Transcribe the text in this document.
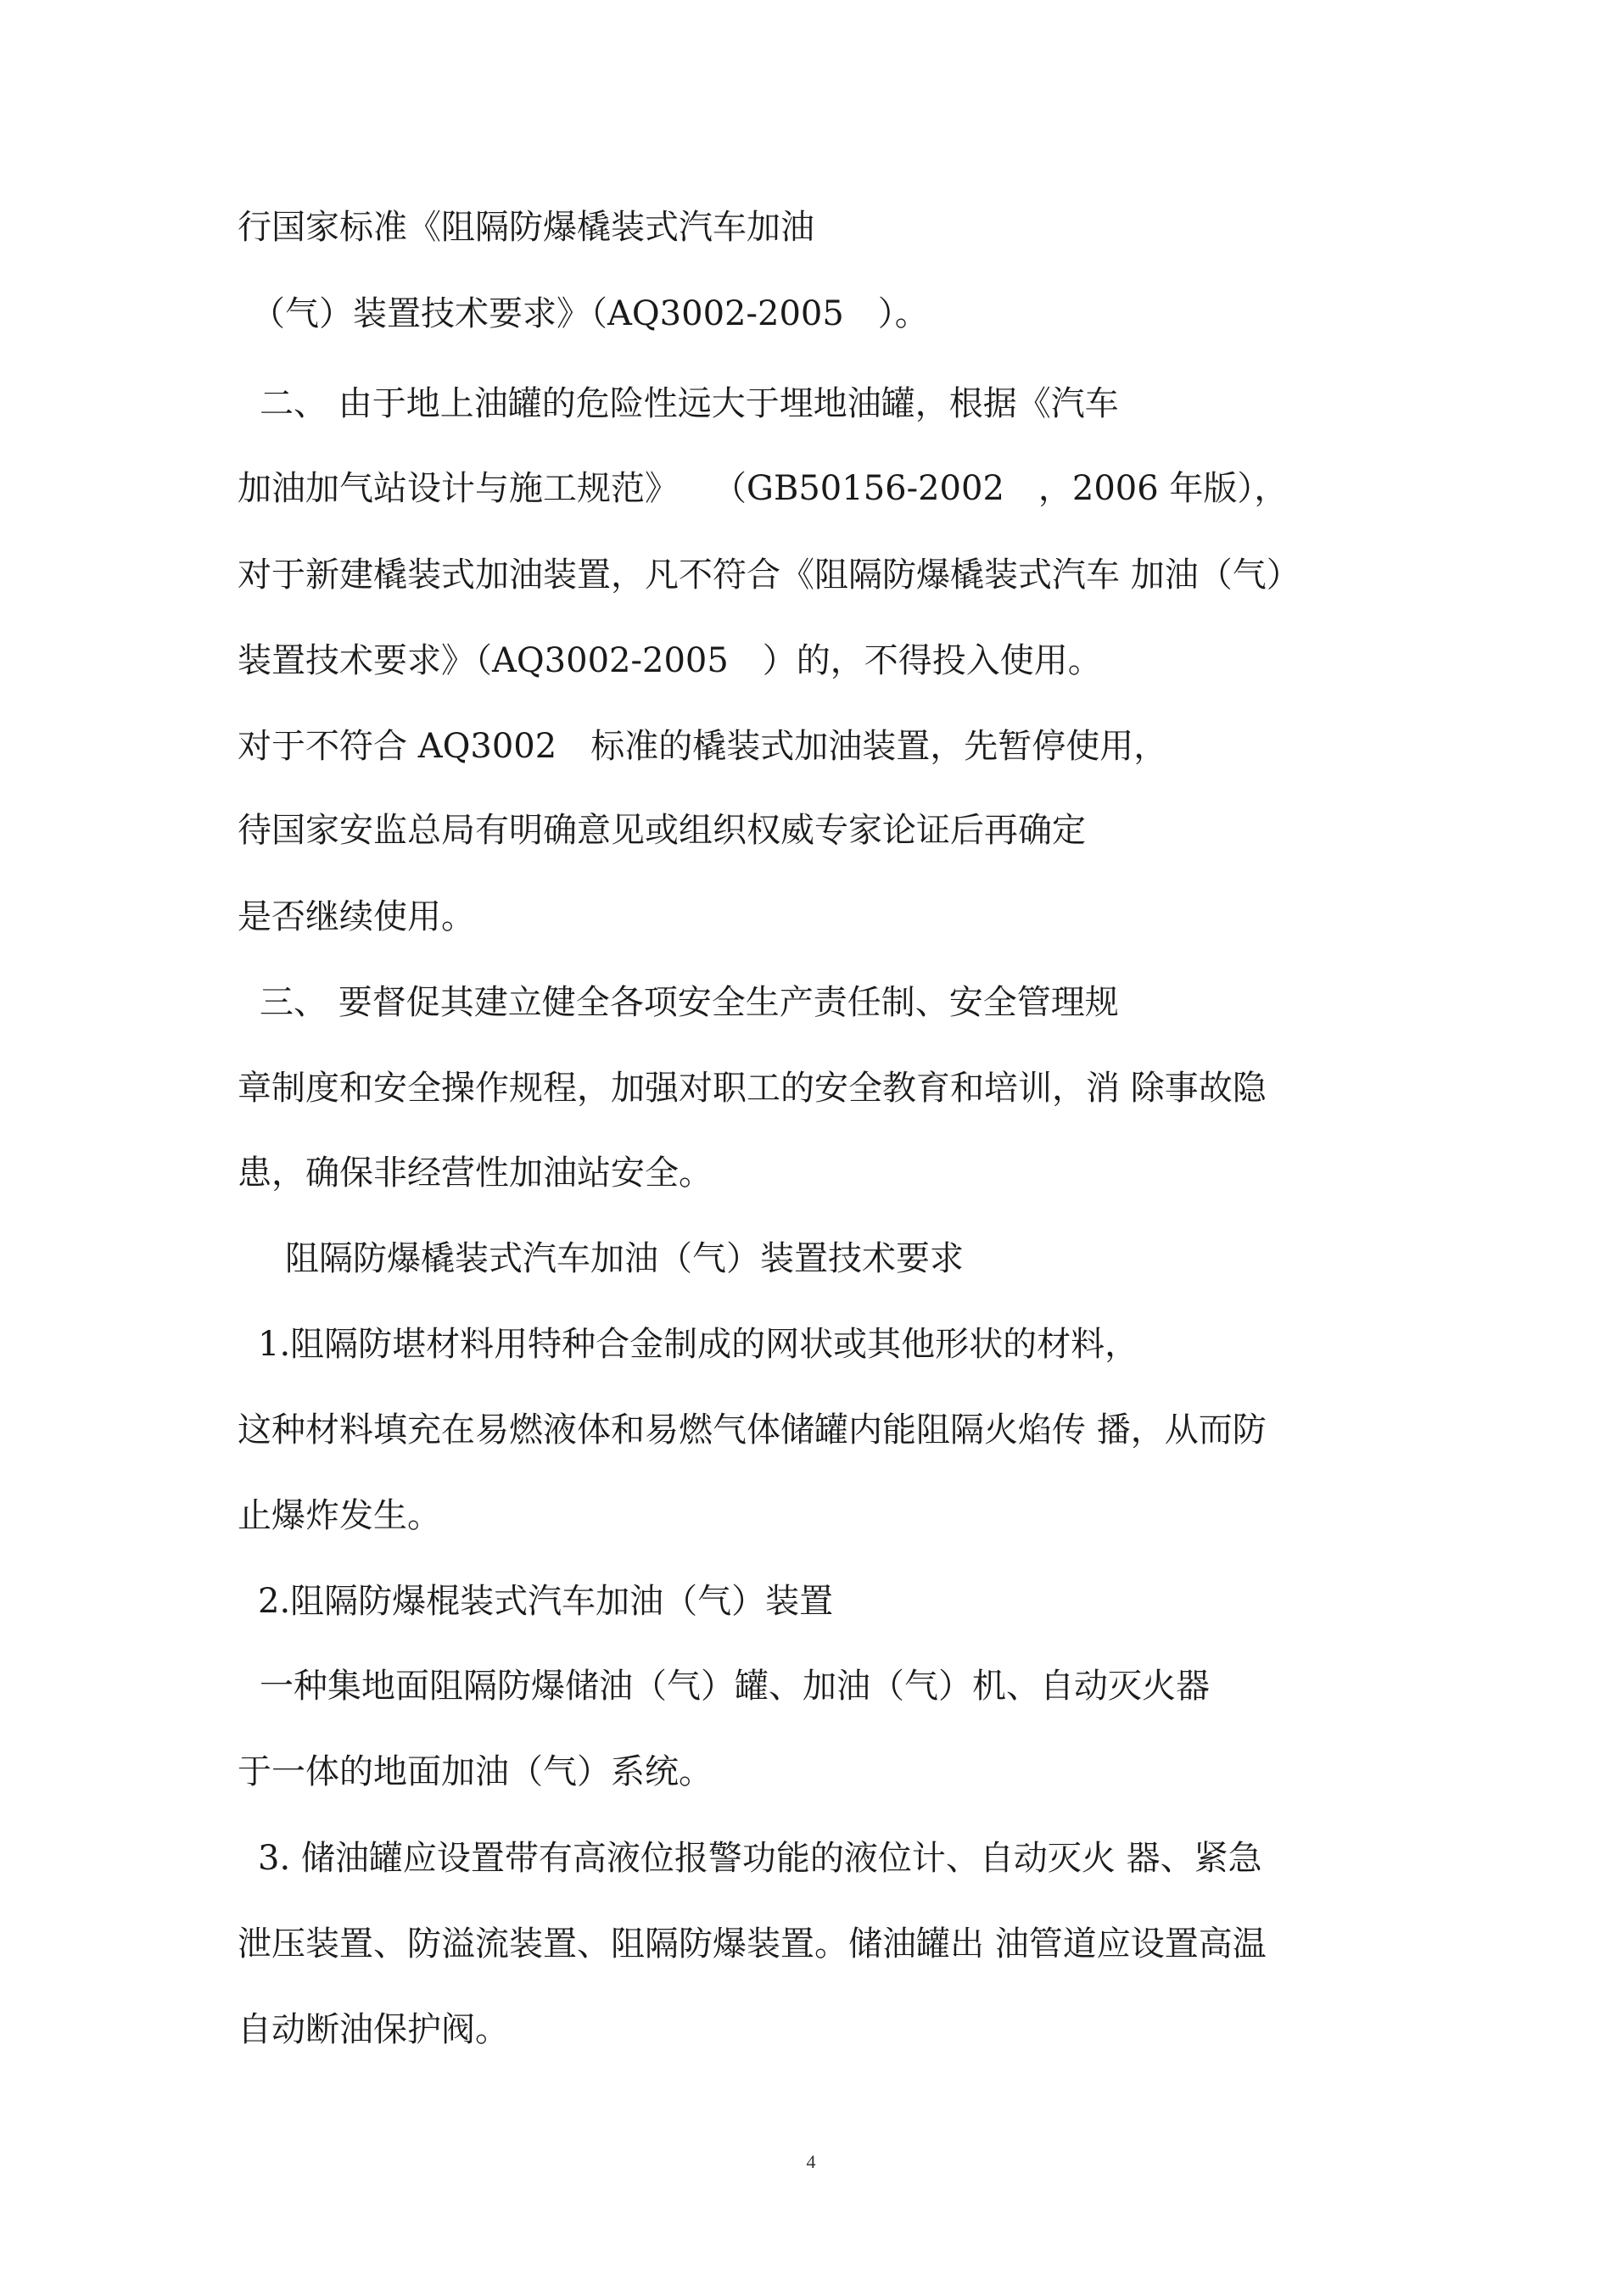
行国家标准《阻隔防爆橇装式汽车加油
（气）装置技术要求》（AQ3002-2005　）。
二、 由于地上油罐的危险性远大于埋地油罐，根据《汽车
加油加气站设计与施工规范》　　（GB50156-2002　，2006 年版），
对于新建橇装式加油装置，凡不符合《阻隔防爆橇装式汽车 加油（气）
装置技术要求》（AQ3002-2005　）的，不得投入使用。
对于不符合 AQ3002　标准的橇装式加油装置，先暂停使用，
待国家安监总局有明确意见或组织权威专家论证后再确定
是否继续使用。
三、 要督促其建立健全各项安全生产责任制、安全管理规
章制度和安全操作规程，加强对职工的安全教育和培训，消 除事故隐
患，确保非经营性加油站安全。
阻隔防爆橇装式汽车加油（气）装置技术要求
1.阻隔防堪材料用特种合金制成的网状或其他形状的材料，
这种材料填充在易燃液体和易燃气体储罐内能阻隔火焰传 播，从而防
止爆炸发生。
2.阻隔防爆棍装式汽车加油（气）装置
一种集地面阻隔防爆储油（气）罐、加油（气）机、自动灭火器
于一体的地面加油（气）系统。
3. 储油罐应设置带有高液位报警功能的液位计、自动灭火 器、紧急
泄压装置、防溢流装置、阻隔防爆装置。储油罐出 油管道应设置高温
自动断油保护阀。
4
